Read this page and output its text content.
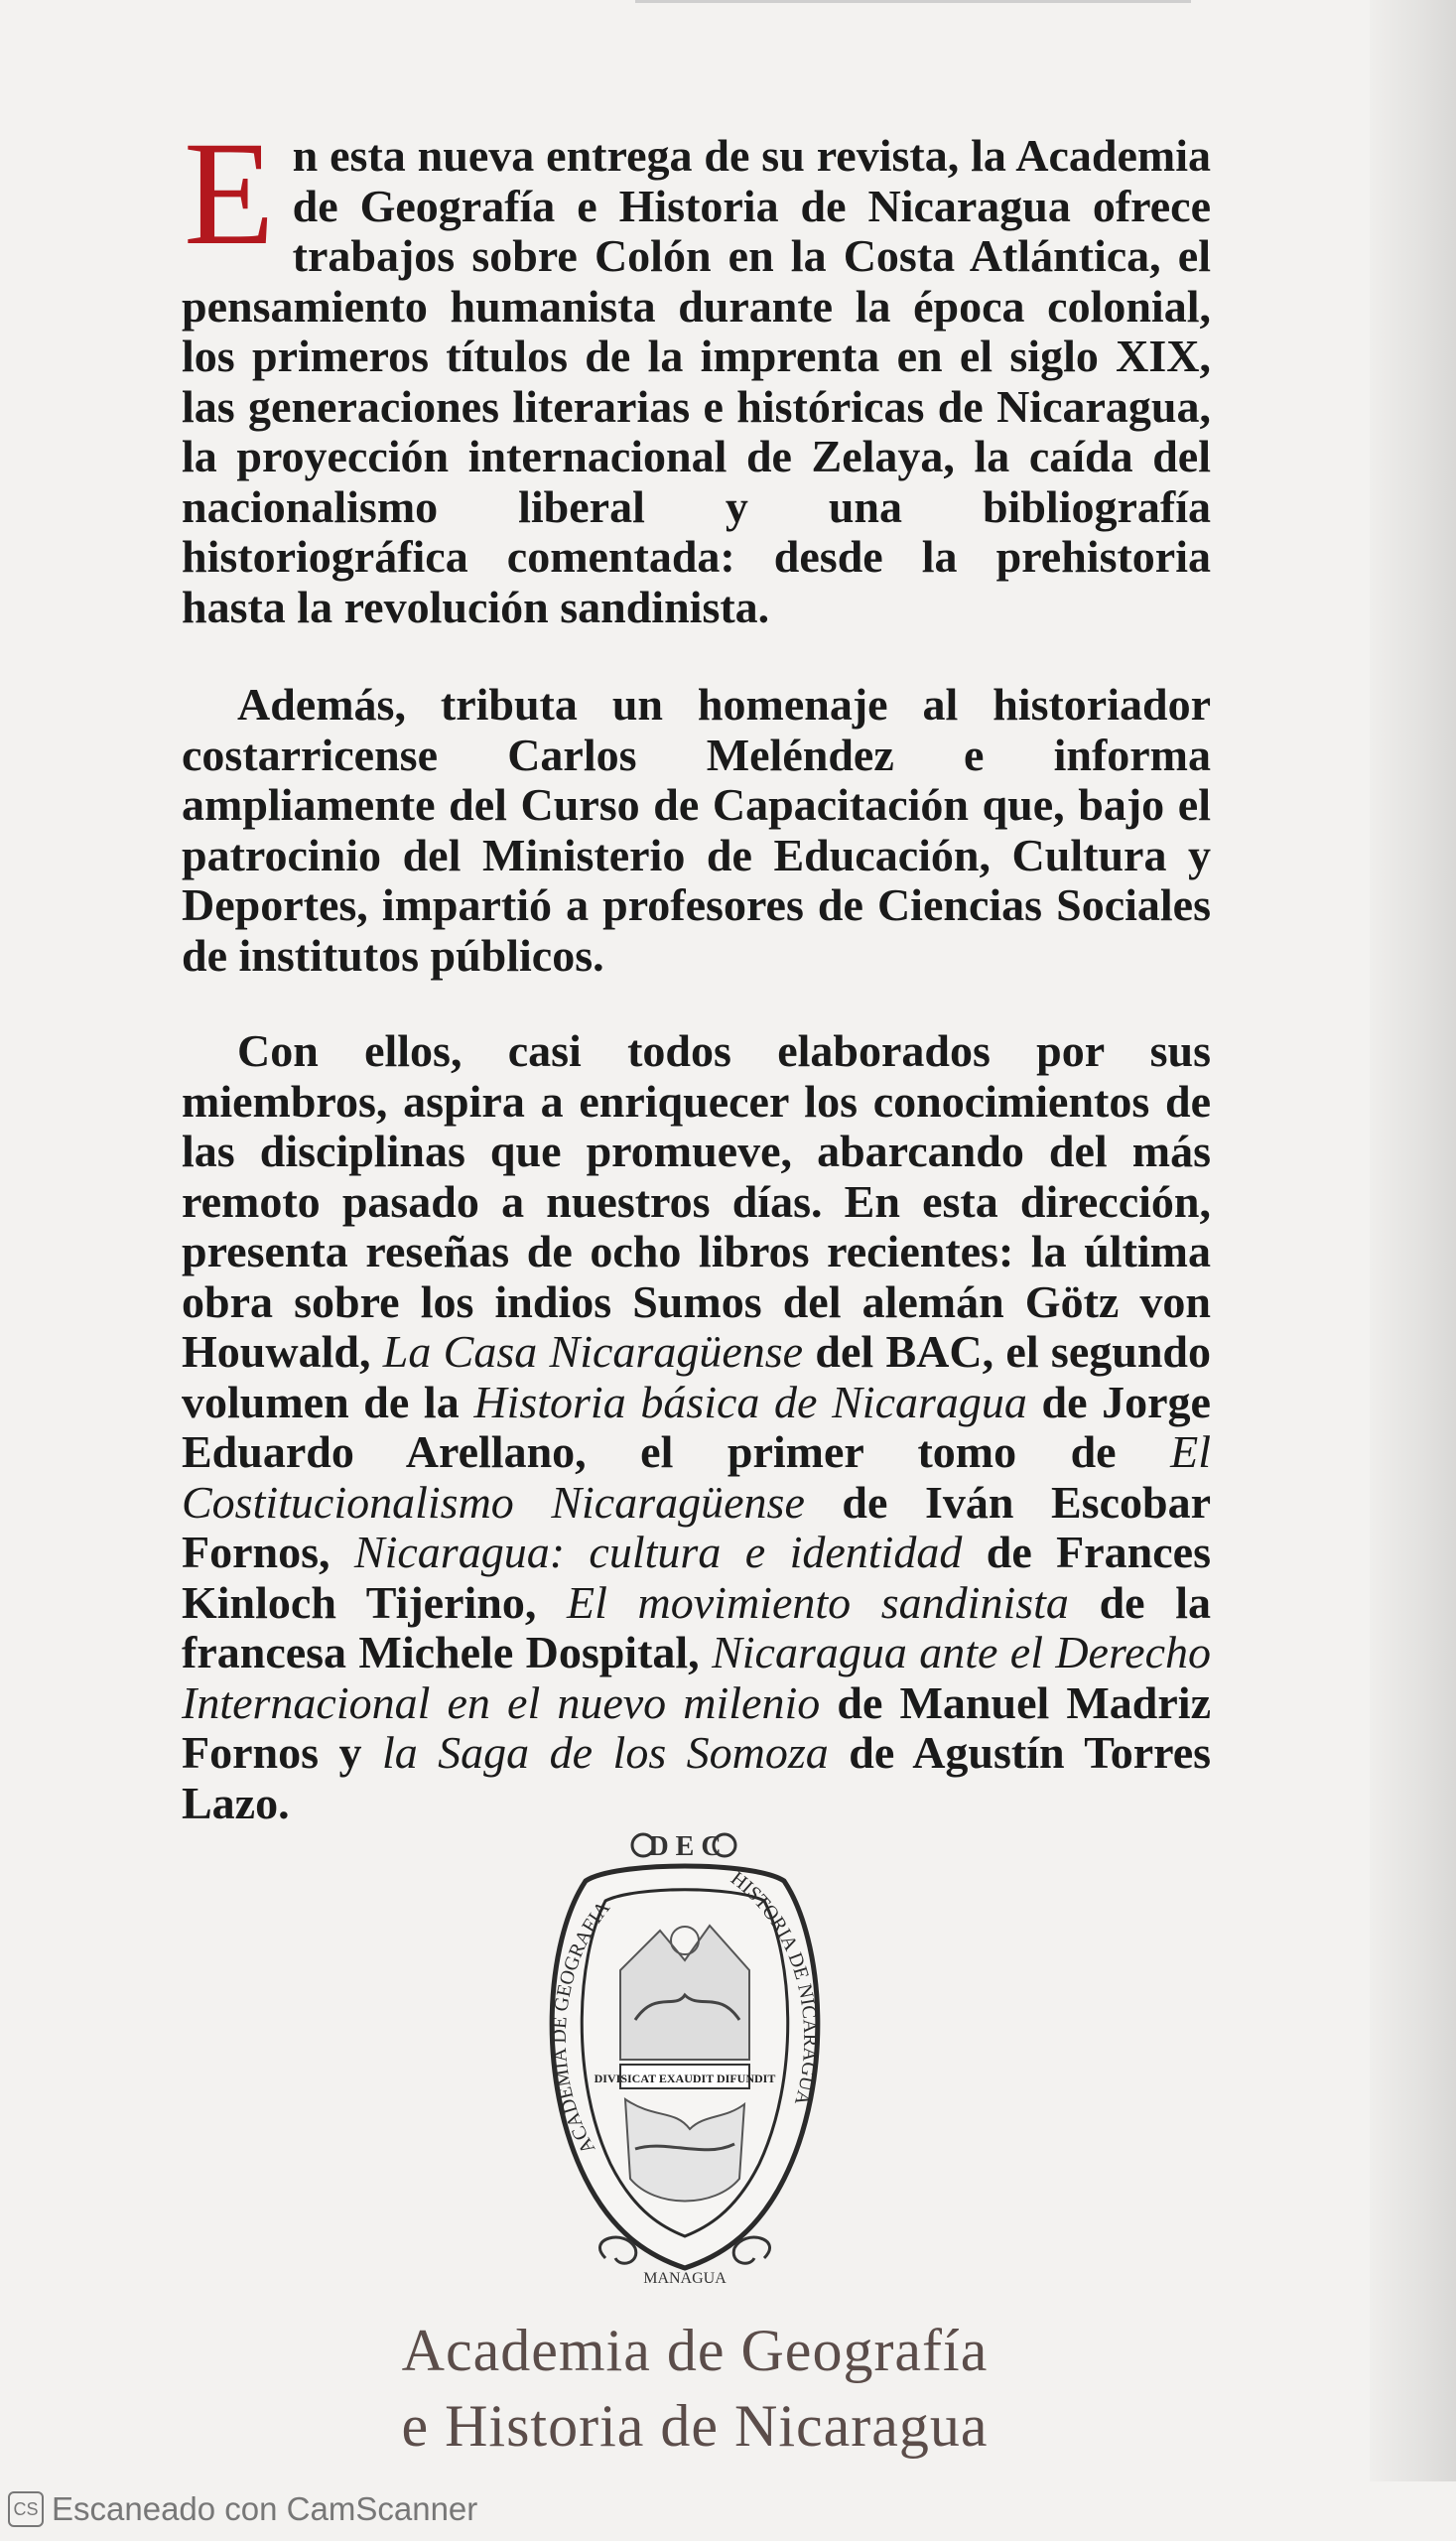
En esta nueva entrega de su revista, la Academia de Geografía e Historia de Nicaragua ofrece trabajos sobre Colón en la Costa Atlántica, el pensamiento humanista durante la época colonial, los primeros títulos de la imprenta en el siglo XIX, las generaciones literarias e históricas de Nicaragua, la proyección internacional de Zelaya, la caída del nacionalismo liberal y una bibliografía historiográfica comentada: desde la prehistoria hasta la revolución sandinista.

Además, tributa un homenaje al historiador costarricense Carlos Meléndez e informa ampliamente del Curso de Capacitación que, bajo el patrocinio del Ministerio de Educación, Cultura y Deportes, impartió a profesores de Ciencias Sociales de institutos públicos.

Con ellos, casi todos elaborados por sus miembros, aspira a enriquecer los conocimientos de las disciplinas que promueve, abarcando del más remoto pasado a nuestros días. En esta dirección, presenta reseñas de ocho libros recientes: la última obra sobre los indios Sumos del alemán Götz von Houwald, La Casa Nicaragüense del BAC, el segundo volumen de la Historia básica de Nicaragua de Jorge Eduardo Arellano, el primer tomo de El Costitucionalismo Nicaragüense de Iván Escobar Fornos, Nicaragua: cultura e identidad de Frances Kinloch Tijerino, El movimiento sandinista de la francesa Michele Dospital, Nicaragua ante el Derecho Internacional en el nuevo milenio de Manuel Madriz Fornos y la Saga de los Somoza de Agustín Torres Lazo.

D E C
ACADEMIA DE GEOGRAFIA
HISTORIA DE NICARAGUA
DIVISICAT EXAUDIT DIFUNDIT
MANAGUA
Academia de Geografía
e Historia de Nicaragua
CS Escaneado con CamScanner
